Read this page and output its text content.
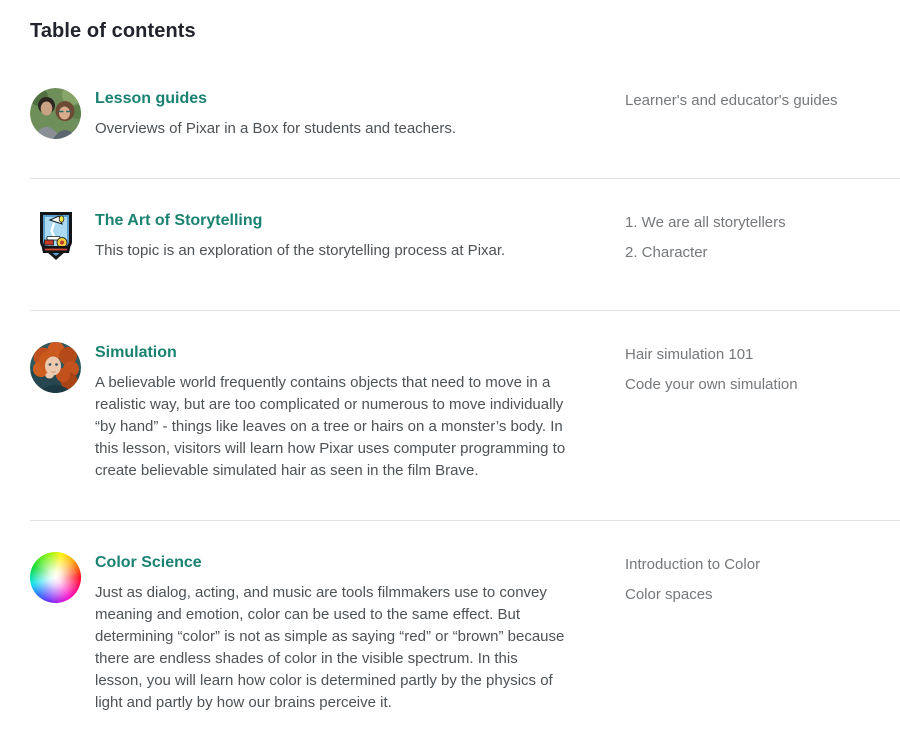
Table of contents
Lesson guides

Overviews of Pixar in a Box for students and teachers.

Learner's and educator's guides
The Art of Storytelling

This topic is an exploration of the storytelling process at Pixar.

1. We are all storytellers
2. Character
Simulation

A believable world frequently contains objects that need to move in a realistic way, but are too complicated or numerous to move individually “by hand” - things like leaves on a tree or hairs on a monster’s body. In this lesson, visitors will learn how Pixar uses computer programming to create believable simulated hair as seen in the film Brave.

Hair simulation 101
Code your own simulation
Color Science

Just as dialog, acting, and music are tools filmmakers use to convey meaning and emotion, color can be used to the same effect. But determining “color” is not as simple as saying “red” or “brown” because there are endless shades of color in the visible spectrum. In this lesson, you will learn how color is determined partly by the physics of light and partly by how our brains perceive it.

Introduction to Color
Color spaces
